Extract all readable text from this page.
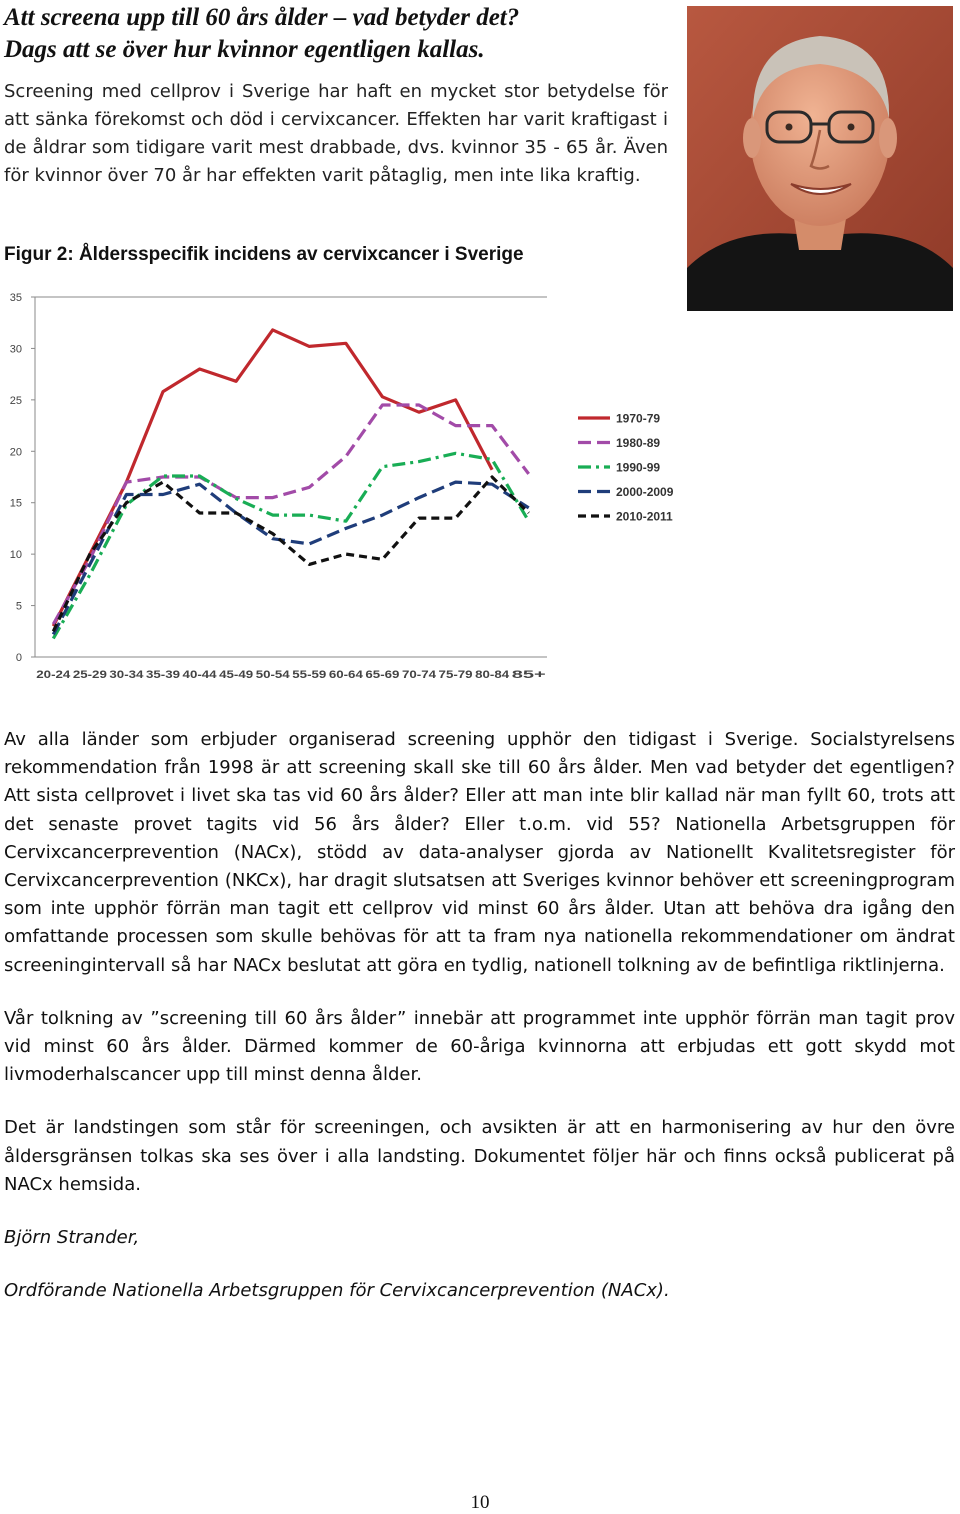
Att screena upp till 60 års ålder – vad betyder det?
Dags att se över hur kvinnor egentligen kallas.

Screening med cellprov i Sverige har haft en mycket stor betydelse för att sänka förekomst och död i cervixcancer. Effekten har varit kraftigast i de åldrar som tidigare varit mest drabbade, dvs. kvinnor 35 - 65 år. Även för kvinnor över 70 år har effekten varit påtaglig, men inte lika kraftig.

Figur 2: Åldersspecifik incidens av cervixcancer i Sverige

0
5
10
15
20
25
30
35
20-24 25-29 30-34 35-39 40-44 45-49 50-54 55-59 60-64 65-69 70-74 75-79 80-84 85+
1970-79
1980-89
1990-99
2000-2009
2010-2011

Av alla länder som erbjuder organiserad screening upphör den tidigast i Sverige. Socialstyrelsens rekommendation från 1998 är att screening skall ske till 60 års ålder. Men vad betyder det egentligen? Att sista cellprovet i livet ska tas vid 60 års ålder? Eller att man inte blir kallad när man fyllt 60, trots att det senaste provet tagits vid 56 års ålder? Eller t.o.m. vid 55? Nationella Arbetsgruppen för Cervixcancerprevention (NACx), stödd av data-analyser gjorda av Nationellt Kvalitetsregister för Cervixcancerprevention (NKCx), har dragit slutsatsen att Sveriges kvinnor behöver ett screeningprogram som inte upphör förrän man tagit ett cellprov vid minst 60 års ålder. Utan att behöva dra igång den omfattande processen som skulle behövas för att ta fram nya nationella rekommendationer om ändrat screeningintervall så har NACx beslutat att göra en tydlig, nationell tolkning av de befintliga riktlinjerna.

Vår tolkning av ”screening till 60 års ålder” innebär att programmet inte upphör förrän man tagit prov vid minst 60 års ålder. Därmed kommer de 60-åriga kvinnorna att erbjudas ett gott skydd mot livmoderhalscancer upp till minst denna ålder.

Det är landstingen som står för screeningen, och avsikten är att en harmonisering av hur den övre åldersgränsen tolkas ska ses över i alla landsting. Dokumentet följer här och finns också publicerat på NACx hemsida.

Björn Strander,

Ordförande Nationella Arbetsgruppen för Cervixcancerprevention (NACx).

10
